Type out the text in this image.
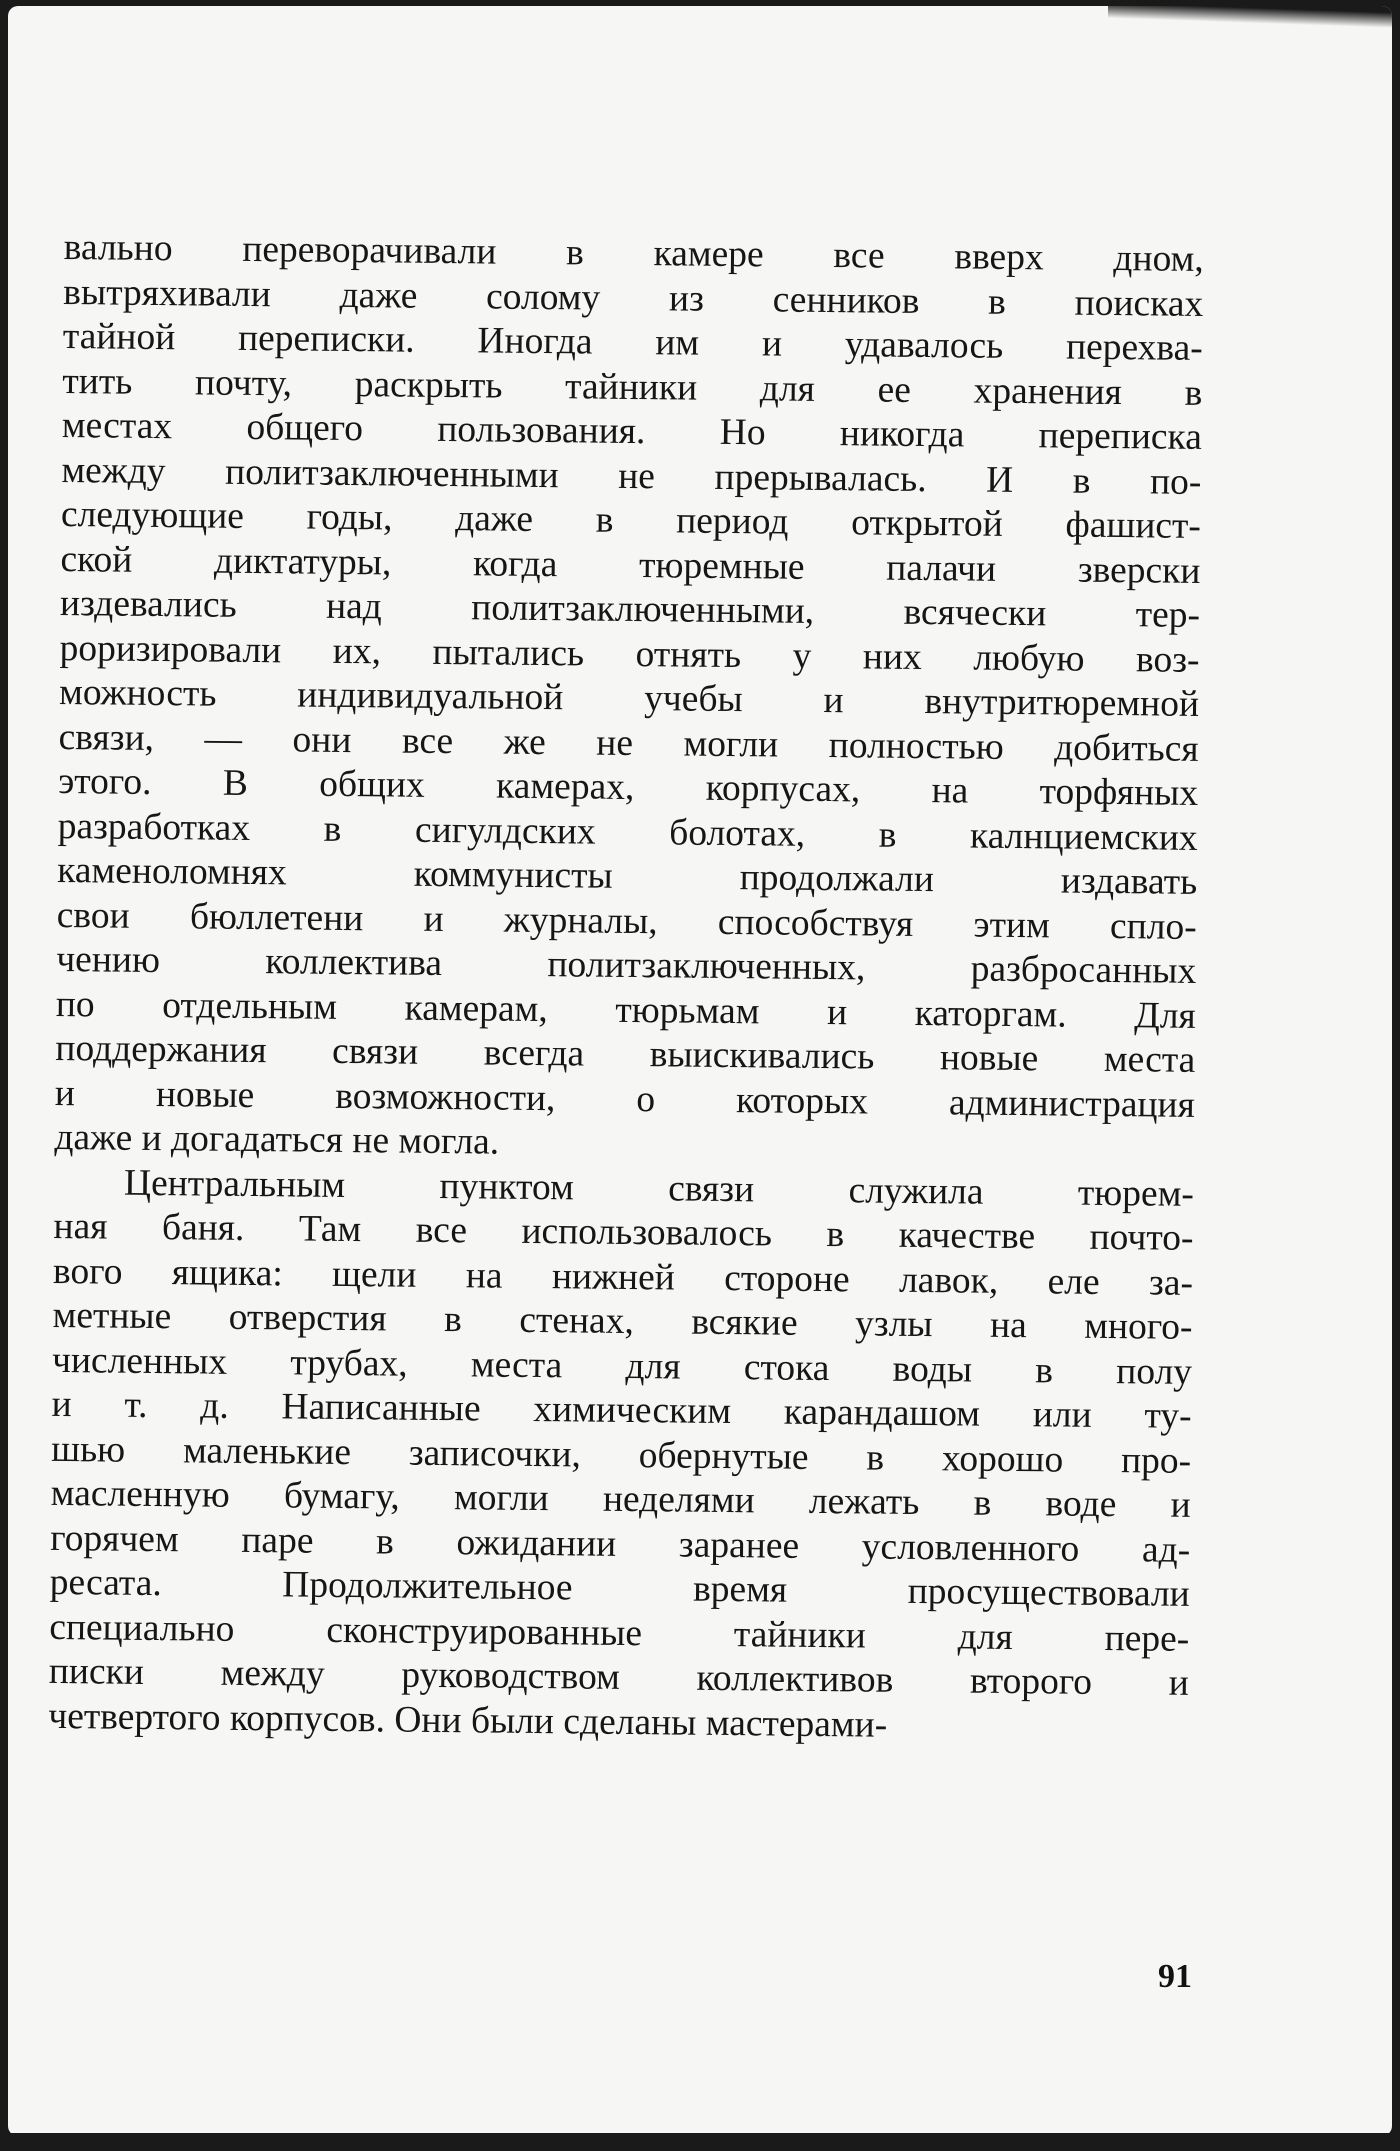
вально переворачивали в камере все вверх дном,
вытряхивали даже солому из сенников в поисках
тайной переписки. Иногда им и удавалось перехва-
тить почту, раскрыть тайники для ее хранения в
местах общего пользования. Но никогда переписка
между политзаключенными не прерывалась. И в по-
следующие годы, даже в период открытой фашист-
ской диктатуры, когда тюремные палачи зверски
издевались над политзаключенными, всячески тер-
роризировали их, пытались отнять у них любую воз-
можность индивидуальной учебы и внутритюремной
связи, — они все же не могли полностью добиться
этого. В общих камерах, корпусах, на торфяных
разработках в сигулдских болотах, в калнциемских
каменоломнях коммунисты продолжали издавать
свои бюллетени и журналы, способствуя этим спло-
чению коллектива политзаключенных, разбросанных
по отдельным камерам, тюрьмам и каторгам. Для
поддержания связи всегда выискивались новые места
и новые возможности, о которых администрация
даже и догадаться не могла.
Центральным пунктом связи служила тюрем-
ная баня. Там все использовалось в качестве почто-
вого ящика: щели на нижней стороне лавок, еле за-
метные отверстия в стенах, всякие узлы на много-
численных трубах, места для стока воды в полу
и т. д. Написанные химическим карандашом или ту-
шью маленькие записочки, обернутые в хорошо про-
масленную бумагу, могли неделями лежать в воде и
горячем паре в ожидании заранее условленного ад-
ресата. Продолжительное время просуществовали
специально сконструированные тайники для пере-
писки между руководством коллективов второго и
четвертого корпусов. Они были сделаны мастерами-
91
